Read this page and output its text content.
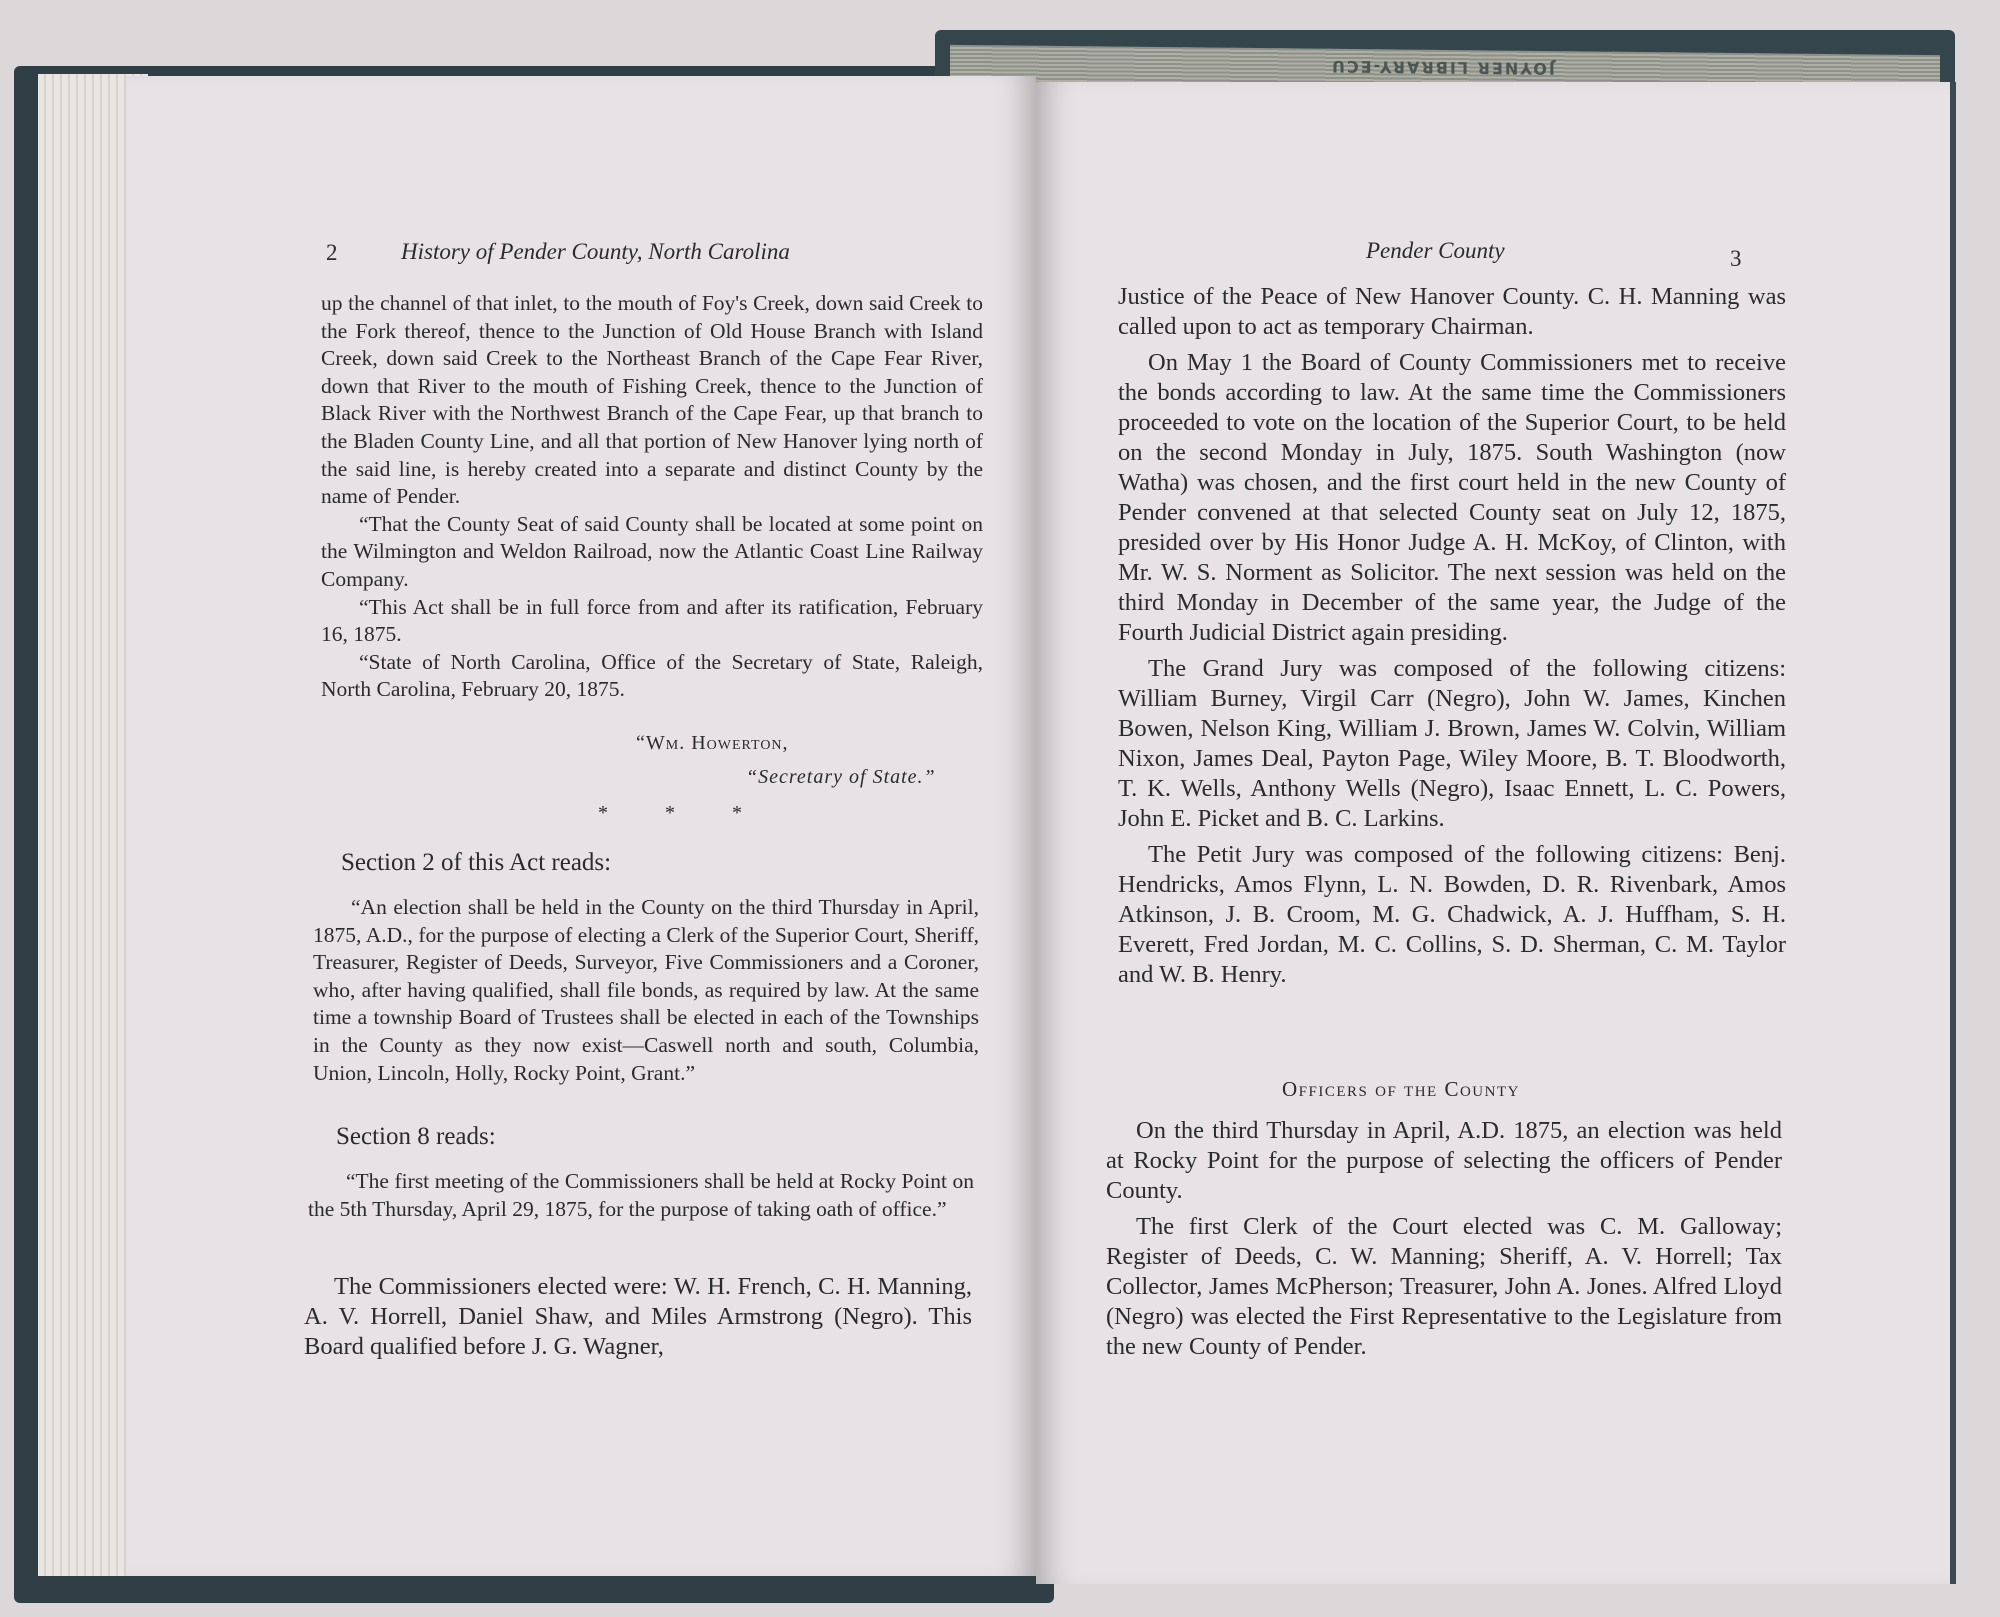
JOYNER LIBRARY-ECU
2	History of Pender County, North Carolina

up the channel of that inlet, to the mouth of Foy's Creek, down said Creek to the Fork thereof, thence to the Junction of Old House Branch with Island Creek, down said Creek to the Northeast Branch of the Cape Fear River, down that River to the mouth of Fishing Creek, thence to the Junction of Black River with the Northwest Branch of the Cape Fear, up that branch to the Bladen County Line, and all that portion of New Hanover lying north of the said line, is hereby created into a separate and distinct County by the name of Pender.

“That the County Seat of said County shall be located at some point on the Wilmington and Weldon Railroad, now the Atlantic Coast Line Railway Company.

“This Act shall be in full force from and after its ratification, February 16, 1875.

“State of North Carolina, Office of the Secretary of State, Raleigh, North Carolina, February 20, 1875.

“Wm. Howerton,
“Secretary of State.”
* * *

Section 2 of this Act reads:

“An election shall be held in the County on the third Thursday in April, 1875, A.D., for the purpose of electing a Clerk of the Superior Court, Sheriff, Treasurer, Register of Deeds, Surveyor, Five Commissioners and a Coroner, who, after having qualified, shall file bonds, as required by law. At the same time a township Board of Trustees shall be elected in each of the Townships in the County as they now exist—Caswell north and south, Columbia, Union, Lincoln, Holly, Rocky Point, Grant.”

Section 8 reads:

“The first meeting of the Commissioners shall be held at Rocky Point on the 5th Thursday, April 29, 1875, for the purpose of taking oath of office.”

The Commissioners elected were: W. H. French, C. H. Manning, A. V. Horrell, Daniel Shaw, and Miles Armstrong (Negro). This Board qualified before J. G. Wagner,

Pender County	3

Justice of the Peace of New Hanover County. C. H. Manning was called upon to act as temporary Chairman.

On May 1 the Board of County Commissioners met to receive the bonds according to law. At the same time the Commissioners proceeded to vote on the location of the Superior Court, to be held on the second Monday in July, 1875. South Washington (now Watha) was chosen, and the first court held in the new County of Pender convened at that selected County seat on July 12, 1875, presided over by His Honor Judge A. H. McKoy, of Clinton, with Mr. W. S. Norment as Solicitor. The next session was held on the third Monday in December of the same year, the Judge of the Fourth Judicial District again presiding.

The Grand Jury was composed of the following citizens: William Burney, Virgil Carr (Negro), John W. James, Kinchen Bowen, Nelson King, William J. Brown, James W. Colvin, William Nixon, James Deal, Payton Page, Wiley Moore, B. T. Bloodworth, T. K. Wells, Anthony Wells (Negro), Isaac Ennett, L. C. Powers, John E. Picket and B. C. Larkins.

The Petit Jury was composed of the following citizens: Benj. Hendricks, Amos Flynn, L. N. Bowden, D. R. Rivenbark, Amos Atkinson, J. B. Croom, M. G. Chadwick, A. J. Huffham, S. H. Everett, Fred Jordan, M. C. Collins, S. D. Sherman, C. M. Taylor and W. B. Henry.

Officers of the County

On the third Thursday in April, A.D. 1875, an election was held at Rocky Point for the purpose of selecting the officers of Pender County.

The first Clerk of the Court elected was C. M. Galloway; Register of Deeds, C. W. Manning; Sheriff, A. V. Horrell; Tax Collector, James McPherson; Treasurer, John A. Jones. Alfred Lloyd (Negro) was elected the First Representative to the Legislature from the new County of Pender.
